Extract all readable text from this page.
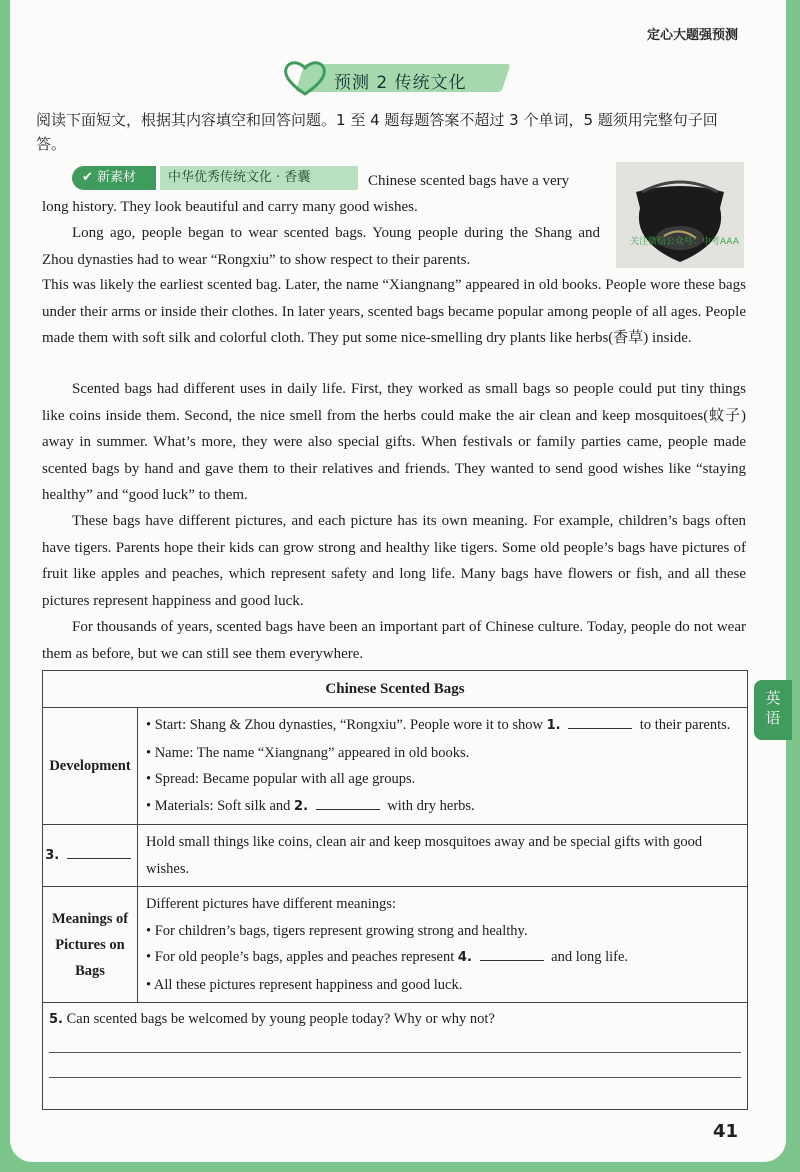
定心大题强预测
预测 2 传统文化
阅读下面短文，根据其内容填空和回答问题。1 至 4 题每题答案不超过 3 个单词，5 题须用完整句子回答。
✔ 新素材	中华优秀传统文化 · 香囊
关注微信公众号：中考AAA
Chinese scented bags have a very
long history. They look beautiful and carry many good wishes.
Long ago, people began to wear scented bags. Young people during the Shang and Zhou dynasties had to wear “Rongxiu” to show respect to their parents.
This was likely the earliest scented bag. Later, the name “Xiangnang” appeared in old books. People wore these bags under their arms or inside their clothes. In later years, scented bags became popular among people of all ages. People made them with soft silk and colorful cloth. They put some nice-smelling dry plants like herbs(香草) inside.
Scented bags had different uses in daily life. First, they worked as small bags so people could put tiny things like coins inside them. Second, the nice smell from the herbs could make the air clean and keep mosquitoes(蚊子) away in summer. What’s more, they were also special gifts. When festivals or family parties came, people made scented bags by hand and gave them to their relatives and friends. They wanted to send good wishes like “staying healthy” and “good luck” to them.
These bags have different pictures, and each picture has its own meaning. For example, children’s bags often have tigers. Parents hope their kids can grow strong and healthy like tigers. Some old people’s bags have pictures of fruit like apples and peaches, which represent safety and long life. Many bags have flowers or fish, and all these pictures represent happiness and good luck.
For thousands of years, scented bags have been an important part of Chinese culture. Today, people do not wear them as before, but we can still see them everywhere.
Chinese Scented Bags	
Development	• Start: Shang & Zhou dynasties, “Rongxiu”. People wore it to show 1. to their parents.
• Name: The name “Xiangnang” appeared in old books.
• Spread: Became popular with all age groups.
• Materials: Soft silk and 2. with dry herbs.

3.	Hold small things like coins, clean air and keep mosquitoes away and be special gifts with good wishes.
Meanings of Pictures on Bags	Different pictures have different meanings:
• For children’s bags, tigers represent growing strong and healthy.
• For old people’s bags, apples and peaches represent 4. and long life.
• All these pictures represent happiness and good luck.

5. Can scented bags be welcomed by young people today? Why or why not?	
41
英语
